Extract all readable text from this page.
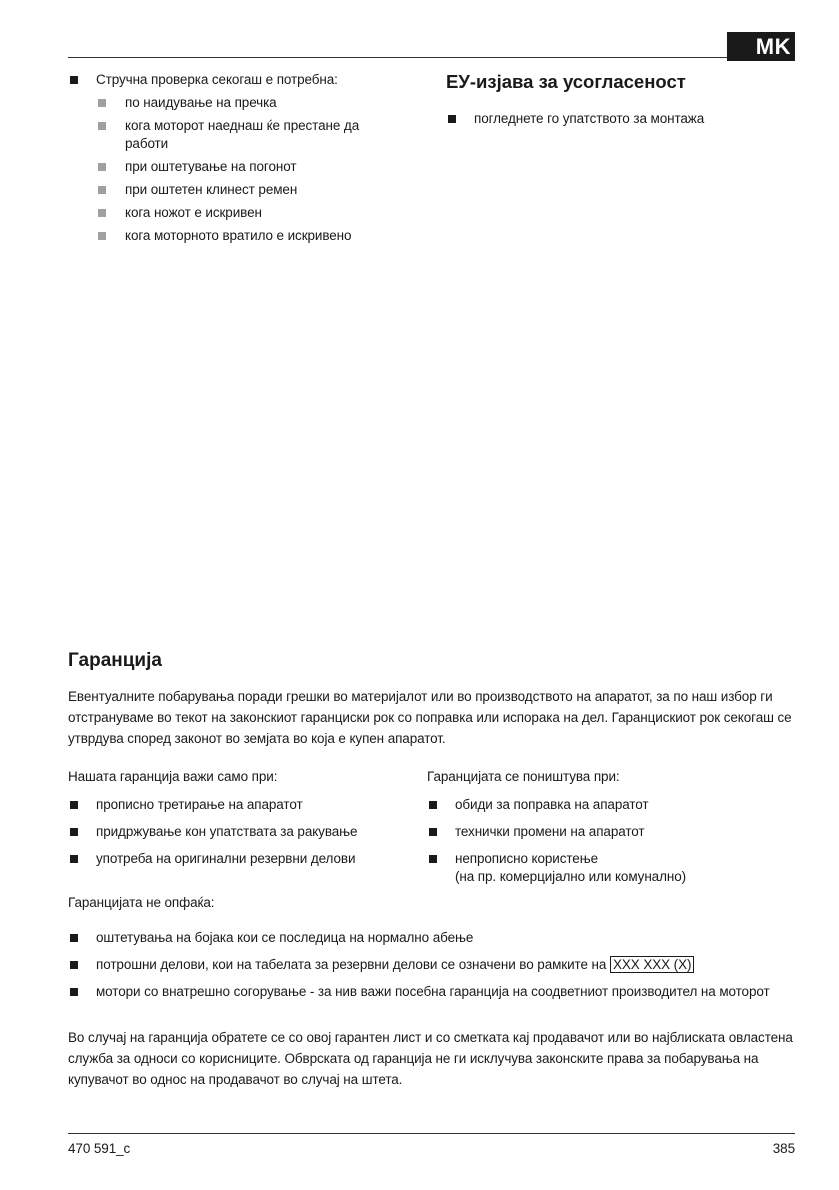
MK
Стручна проверка секогаш е потребна:
по наидување на пречка
кога моторот наеднаш ќе престане да работи
при оштетување на погонот
при оштетен клинест ремен
кога ножот е искривен
кога моторното вратило е искривено
ЕУ-изјава за усогласеност
погледнете го упатството за монтажа
Гаранција

Евентуалните побарувања поради грешки во материјалот или во производството на апаратот, за по наш избор ги отстрануваме во текот на законскиот гаранциски рок со поправка или испорака на дел. Гаранцискиот рок секогаш се утврдува според законот во земјата во која е купен апаратот.

Нашата гаранција важи само при:
прописно третирање на апаратот
придржување кон упатствата за ракување
употреба на оригинални резервни делови
Гаранцијата се поништува при:
обиди за поправка на апаратот
технички промени на апаратот
непрописно користење
(на пр. комерцијално или комунално)
Гаранцијата не опфаќа:
оштетувања на бојака кои се последица на нормално абење
потрошни делови, кои на табелата за резервни делови се означени во рамките на XXX XXX (X)
мотори со внатрешно согорување - за нив важи посебна гаранција на соодветниот производител на моторот

Во случај на гаранција обратете се со овој гарантен лист и со сметката кај продавачот или во најблиската овластена служба за односи со корисниците. Обврската од гаранција не ги исклучува законските права за побарувања на купувачот во однос на продавачот во случај на штета.

470 591_c	385
